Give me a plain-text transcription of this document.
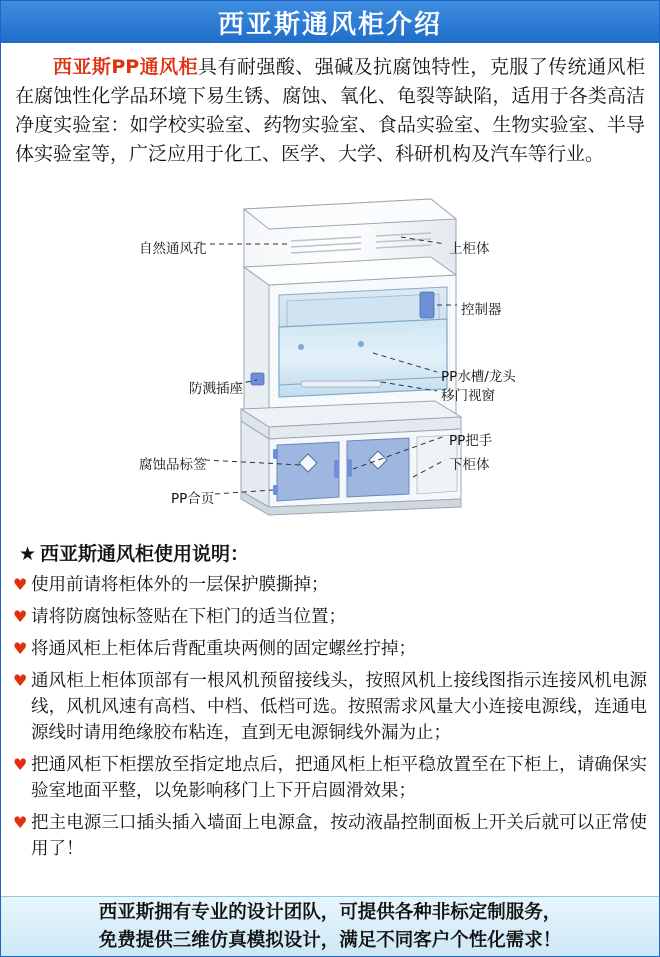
西亚斯通风柜介绍
西亚斯PP通风柜具有耐强酸、强碱及抗腐蚀特性，克服了传统通风柜在腐蚀性化学品环境下易生锈、腐蚀、氧化、龟裂等缺陷，适用于各类高洁净度实验室：如学校实验室、药物实验室、食品实验室、生物实验室、半导体实验室等，广泛应用于化工、医学、大学、科研机构及汽车等行业。
自然通风孔
防溅插座
腐蚀品标签
PP合页
上柜体
控制器
PP水槽/龙头
移门视窗
PP把手
下柜体
★ 西亚斯通风柜使用说明：
♥ 使用前请将柜体外的一层保护膜撕掉；
♥ 请将防腐蚀标签贴在下柜门的适当位置；
♥ 将通风柜上柜体后背配重块两侧的固定螺丝拧掉；
♥ 通风柜上柜体顶部有一根风机预留接线头，按照风机上接线图指示连接风机电源线，风机风速有高档、中档、低档可选。按照需求风量大小连接电源线，连通电源线时请用绝缘胶布粘连，直到无电源铜线外漏为止；
♥ 把通风柜下柜摆放至指定地点后，把通风柜上柜平稳放置至在下柜上，请确保实验室地面平整，以免影响移门上下开启圆滑效果；
♥ 把主电源三口插头插入墙面上电源盒，按动液晶控制面板上开关后就可以正常使用了！
西亚斯拥有专业的设计团队，可提供各种非标定制服务，
免费提供三维仿真模拟设计，满足不同客户个性化需求！
